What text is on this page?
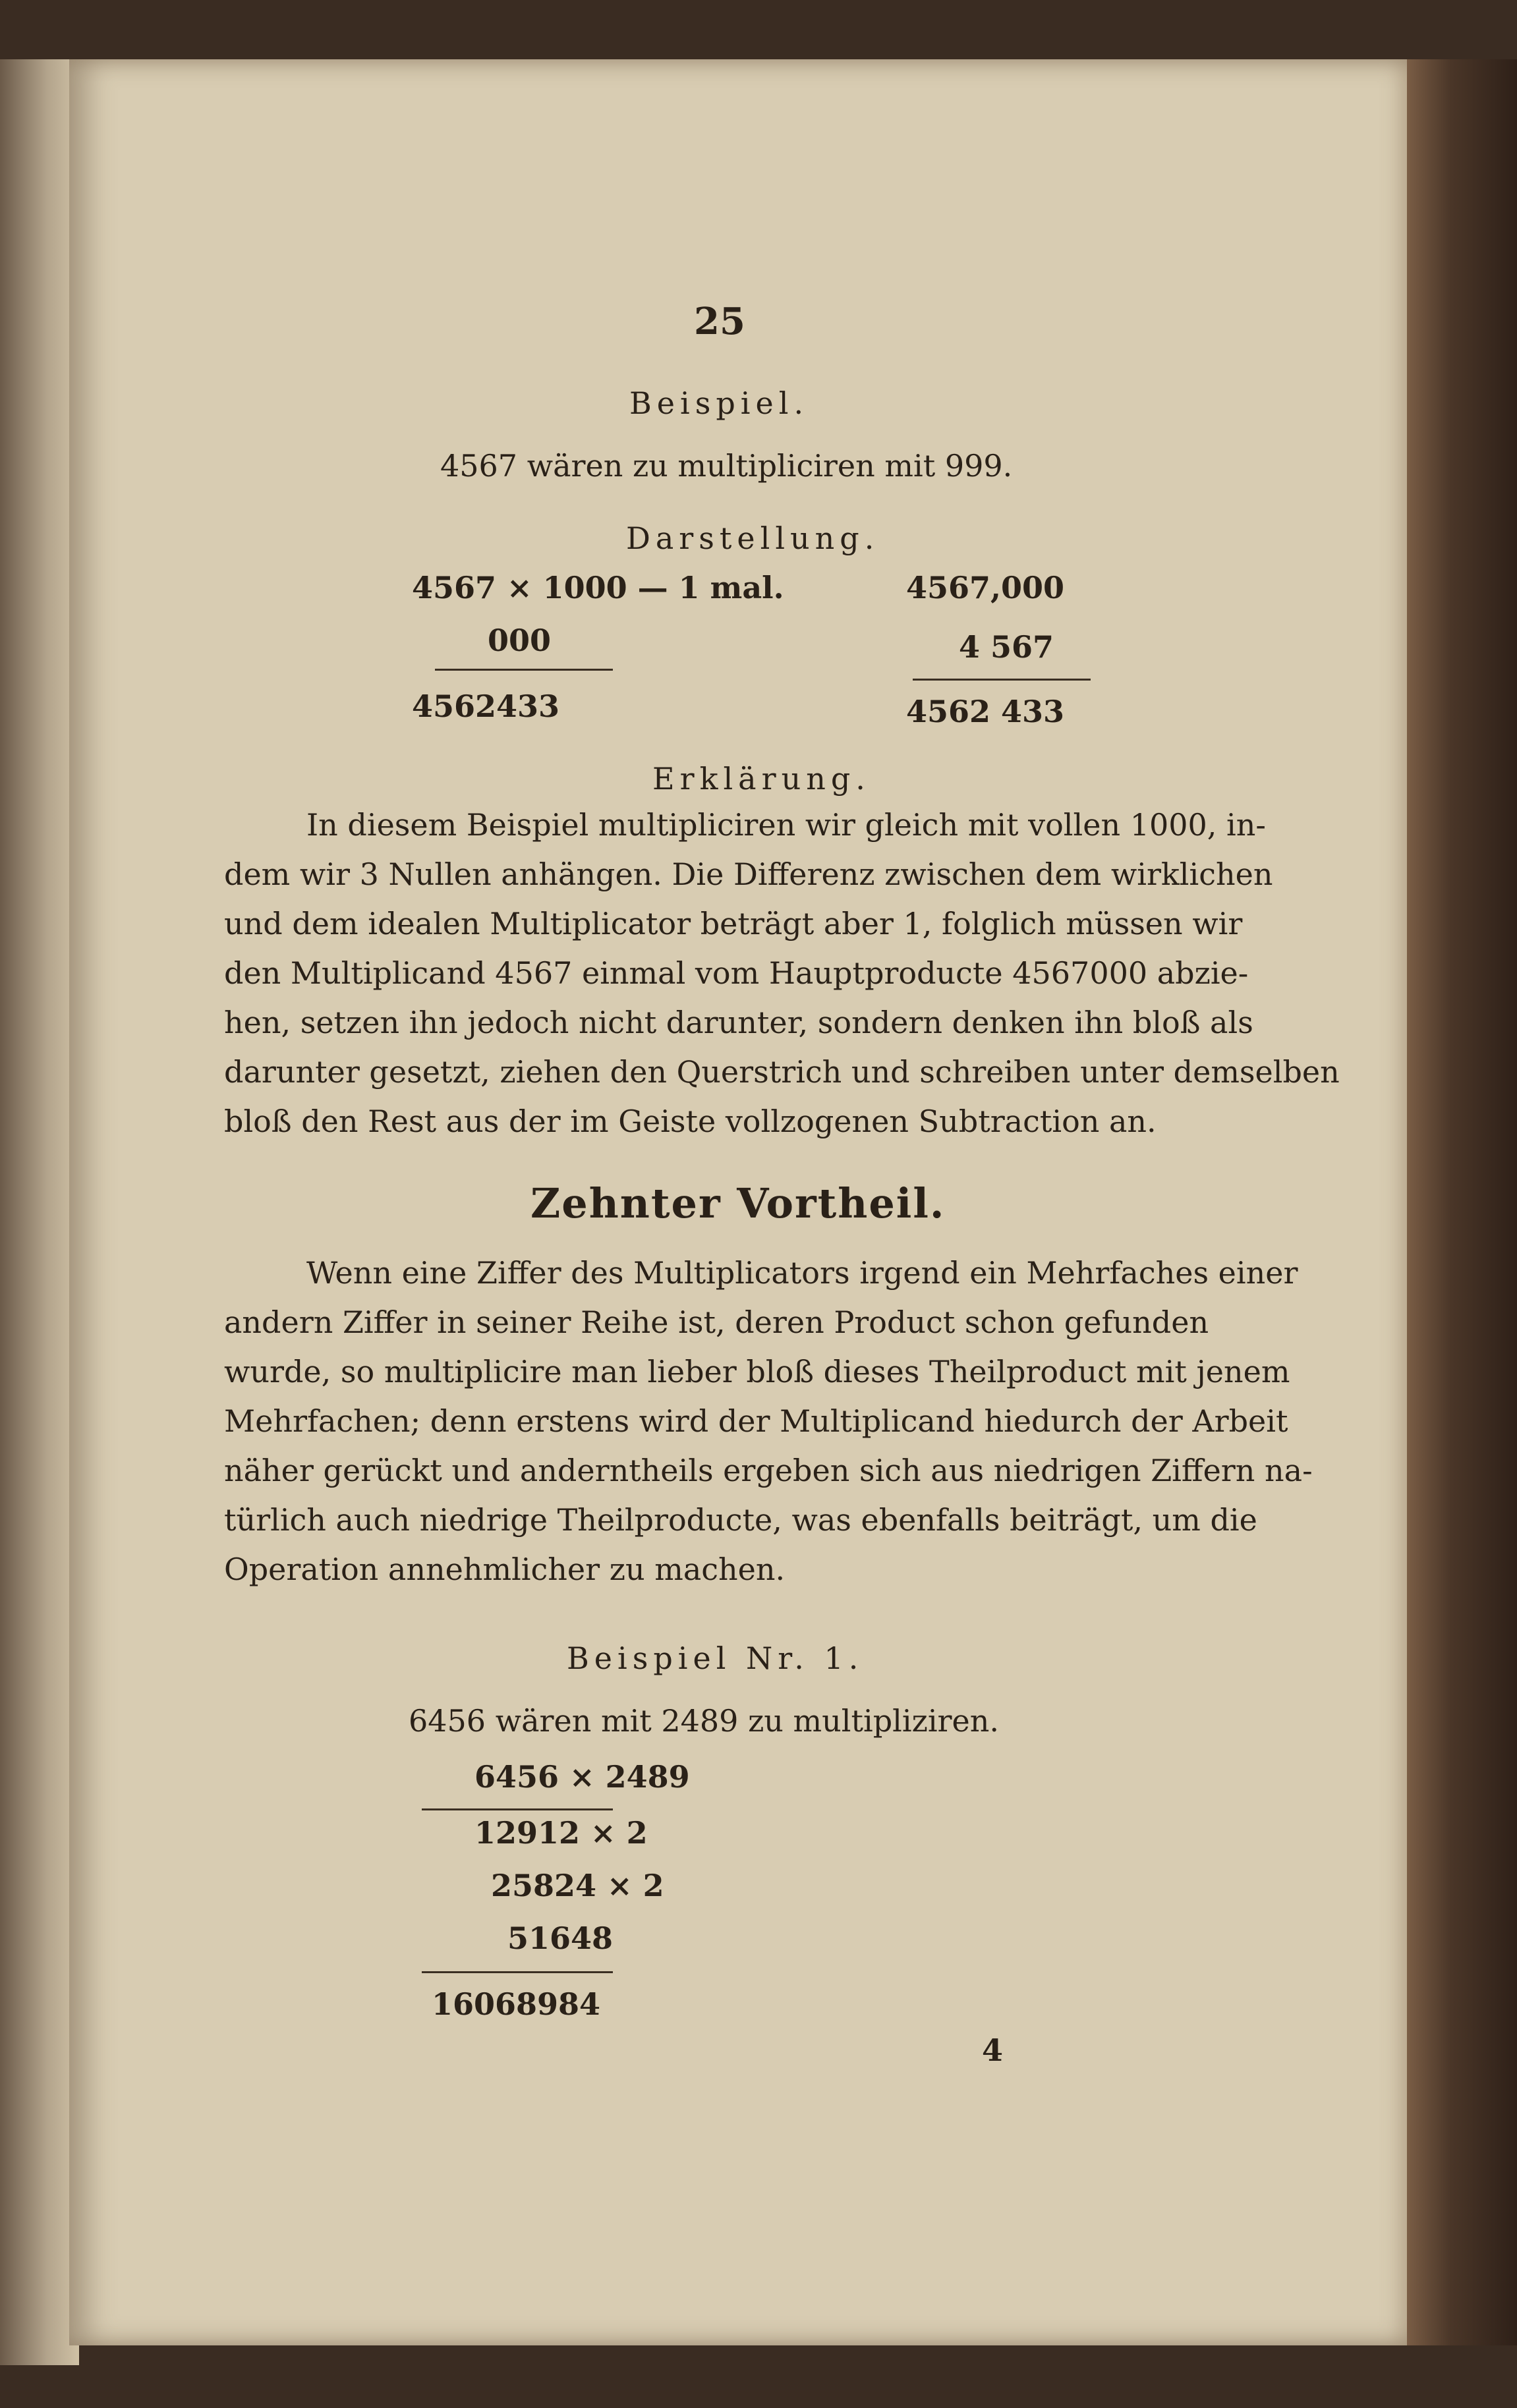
25
Beispiel.
4567 wären zu multipliciren mit 999.
Darstellung.
4567 × 1000 — 1 mal.
000
4562433
4567,000
4 567
4562 433
Erklärung.
In diesem Beispiel multipliciren wir gleich mit vollen 1000, in-
dem wir 3 Nullen anhängen. Die Differenz zwischen dem wirklichen
und dem idealen Multiplicator beträgt aber 1, folglich müssen wir
den Multiplicand 4567 einmal vom Hauptproducte 4567000 abzie-
hen, setzen ihn jedoch nicht darunter, sondern denken ihn bloß als
darunter gesetzt, ziehen den Querstrich und schreiben unter demselben
bloß den Rest aus der im Geiste vollzogenen Subtraction an.
Zehnter Vortheil.
Wenn eine Ziffer des Multiplicators irgend ein Mehrfaches einer
andern Ziffer in seiner Reihe ist, deren Product schon gefunden
wurde, so multiplicire man lieber bloß dieses Theilproduct mit jenem
Mehrfachen; denn erstens wird der Multiplicand hiedurch der Arbeit
näher gerückt und anderntheils ergeben sich aus niedrigen Ziffern na-
türlich auch niedrige Theilproducte, was ebenfalls beiträgt, um die
Operation annehmlicher zu machen.
Beispiel Nr. 1.
6456 wären mit 2489 zu multipliziren.
6456 × 2489
12912 × 2
25824 × 2
51648
16068984
4
